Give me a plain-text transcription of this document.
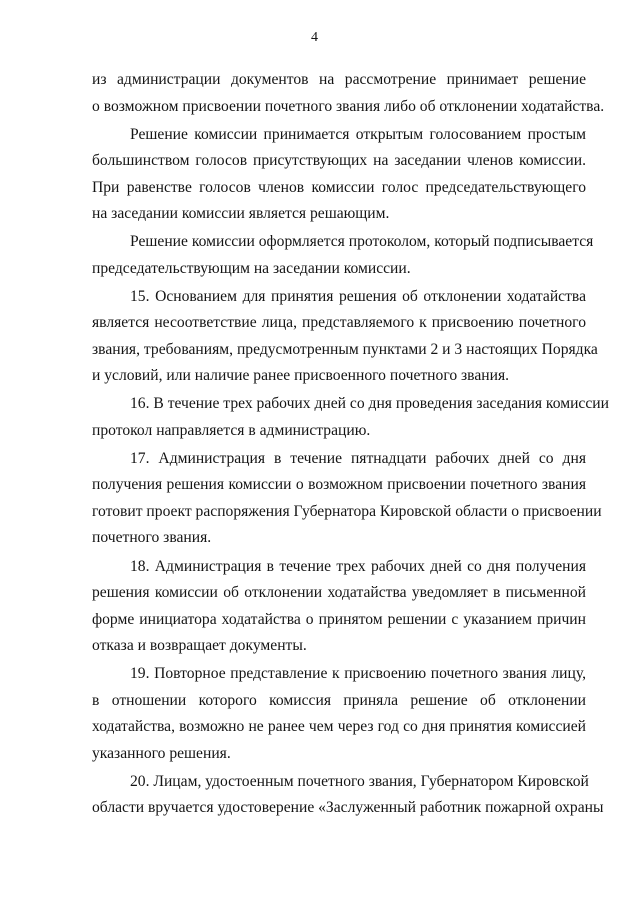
4

из администрации документов на рассмотрение принимает решение
о возможном присвоении почетного звания либо об отклонении ходатайства.

Решение комиссии принимается открытым голосованием простым
большинством голосов присутствующих на заседании членов комиссии.
При равенстве голосов членов комиссии голос председательствующего
на заседании комиссии является решающим.

Решение комиссии оформляется протоколом, который подписывается
председательствующим на заседании комиссии.

15. Основанием для принятия решения об отклонении ходатайства
является несоответствие лица, представляемого к присвоению почетного
звания, требованиям, предусмотренным пунктами 2 и 3 настоящих Порядка
и условий, или наличие ранее присвоенного почетного звания.

16. В течение трех рабочих дней со дня проведения заседания комиссии
протокол направляется в администрацию.

17. Администрация в течение пятнадцати рабочих дней со дня
получения решения комиссии о возможном присвоении почетного звания
готовит проект распоряжения Губернатора Кировской области о присвоении
почетного звания.

18. Администрация в течение трех рабочих дней со дня получения
решения комиссии об отклонении ходатайства уведомляет в письменной
форме инициатора ходатайства о принятом решении с указанием причин
отказа и возвращает документы.

19. Повторное представление к присвоению почетного звания лицу,
в отношении которого комиссия приняла решение об отклонении
ходатайства, возможно не ранее чем через год со дня принятия комиссией
указанного решения.

20. Лицам, удостоенным почетного звания, Губернатором Кировской
области вручается удостоверение «Заслуженный работник пожарной охраны
